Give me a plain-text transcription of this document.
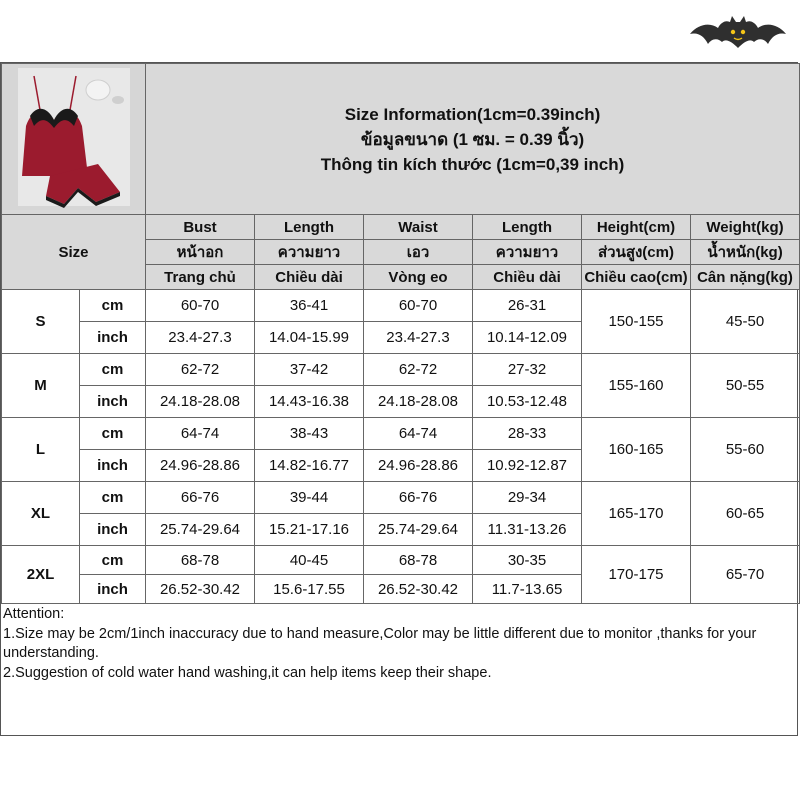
Size Information(1cm=0.39inch)
ข้อมูลขนาด (1 ซม. = 0.39 นิ้ว)
Thông tin kích thước (1cm=0,39 inch)					

Size		Bust	Length	Waist	Length	Height(cm)	Weight(kg)
		หน้าอก	ความยาว	เอว	ความยาว	ส่วนสูง(cm)	น้ำหนัก(kg)
		Trang chủ	Chiều dài	Vòng eo	Chiều dài	Chiều cao(cm)	Cân nặng(kg)
S	cm	60-70	36-41	60-70	26-31	150-155	45-50
	inch	23.4-27.3	14.04-15.99	23.4-27.3	10.14-12.09		
M	cm	62-72	37-42	62-72	27-32	155-160	50-55
	inch	24.18-28.08	14.43-16.38	24.18-28.08	10.53-12.48		
L	cm	64-74	38-43	64-74	28-33	160-165	55-60
	inch	24.96-28.86	14.82-16.77	24.96-28.86	10.92-12.87		
XL	cm	66-76	39-44	66-76	29-34	165-170	60-65
	inch	25.74-29.64	15.21-17.16	25.74-29.64	11.31-13.26		
2XL	cm	68-78	40-45	68-78	30-35	170-175	65-70
	inch	26.52-30.42	15.6-17.55	26.52-30.42	11.7-13.65		
Attention:
1.Size may be 2cm/1inch inaccuracy due to hand measure,Color may be little different due to monitor ,thanks for your understanding.
2.Suggestion of cold water hand washing,it can help items keep their shape.
